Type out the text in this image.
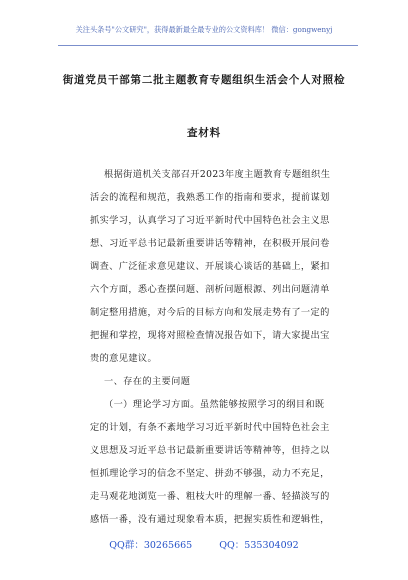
关注头条号"公文研究"，获得最新最全最专业的公文资料库！ 微信：gongwenyj
街道党员干部第二批主题教育专题组织生活会个人对照检
查材料
根据街道机关支部召开2023年度主题教育专题组织生
活会的流程和规范，我熟悉工作的指南和要求，提前谋划
抓实学习，认真学习了习近平新时代中国特色社会主义思
想、习近平总书记最新重要讲话等精神，在积极开展问卷
调查、广泛征求意见建议、开展谈心谈话的基础上，紧扣
六个方面，悉心查摆问题、剖析问题根源、列出问题清单
制定整用措施，对今后的目标方向和发展走势有了一定的
把握和掌控，现将对照检查情况报告如下，请大家提出宝
贵的意见建议。
一、存在的主要问题
（一）理论学习方面。虽然能够按照学习的纲目和既
定的计划，有条不紊地学习习近平新时代中国特色社会主
义思想及习近平总书记最新重要讲话等精神等，但持之以
恒抓理论学习的信念不坚定、拼劲不够强，动力不充足，
走马观花地浏览一番、粗枝大叶的理解一番、轻描淡写的
感悟一番，没有通过现象看本质，把握实质性和逻辑性，
QQ群：30265665	QQ：535304092
